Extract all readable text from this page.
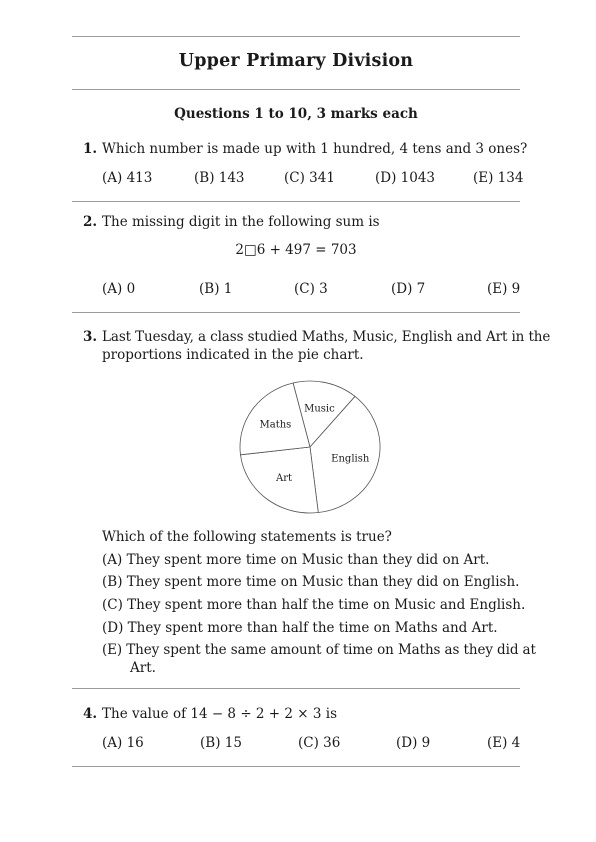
Upper Primary Division
Questions 1 to 10, 3 marks each
1. Which number is made up with 1 hundred, 4 tens and 3 ones?
(A) 413	(B) 143	(C) 341	(D) 1043	(E) 134
2. The missing digit in the following sum is
2□6 + 497 = 703
(A) 0	(B) 1	(C) 3	(D) 7	(E) 9
3. Last Tuesday, a class studied Maths, Music, English and Art in the
proportions indicated in the pie chart.
Music
English
Art
Maths
Which of the following statements is true?
(A) They spent more time on Music than they did on Art.
(B) They spent more time on Music than they did on English.
(C) They spent more than half the time on Music and English.
(D) They spent more than half the time on Maths and Art.
(E) They spent the same amount of time on Maths as they did at
Art.
4. The value of 14 − 8 ÷ 2 + 2 × 3 is
(A) 16	(B) 15	(C) 36	(D) 9	(E) 4
